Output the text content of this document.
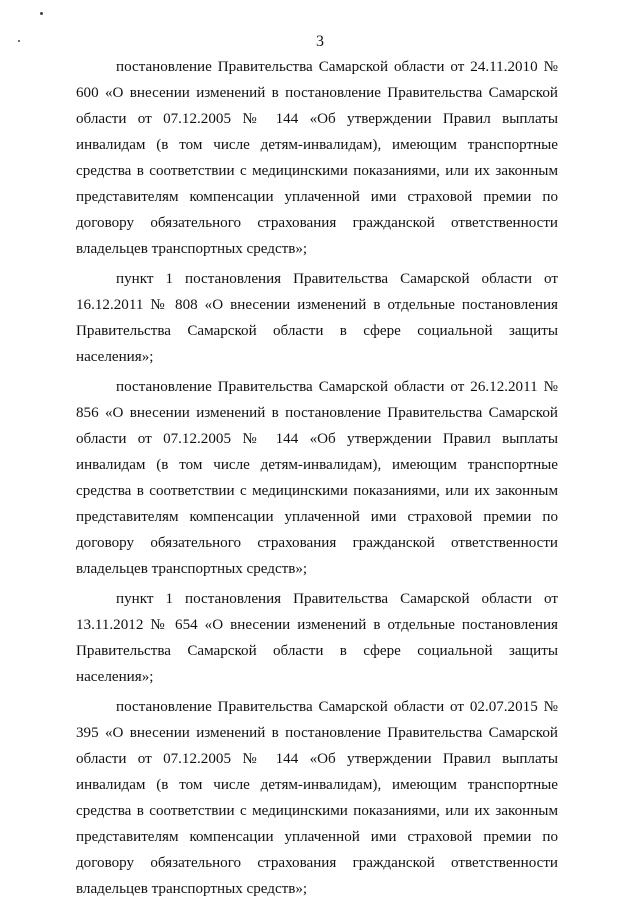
3

постановление Правительства Самарской области от 24.11.2010 № 600 «О внесении изменений в постановление Правительства Самарской области от 07.12.2005 № 144 «Об утверждении Правил выплаты инвалидам (в том числе детям-инвалидам), имеющим транспортные средства в соответствии с медицинскими показаниями, или их законным представителям компенсации уплаченной ими страховой премии по договору обязательного страхования гражданской ответственности владельцев транспортных средств»;

пункт 1 постановления Правительства Самарской области от 16.12.2011 № 808 «О внесении изменений в отдельные постановления Правительства Самарской области в сфере социальной защиты населения»;

постановление Правительства Самарской области от 26.12.2011 № 856 «О внесении изменений в постановление Правительства Самарской области от 07.12.2005 № 144 «Об утверждении Правил выплаты инвалидам (в том числе детям-инвалидам), имеющим транспортные средства в соответствии с медицинскими показаниями, или их законным представителям компенсации уплаченной ими страховой премии по договору обязательного страхования гражданской ответственности владельцев транспортных средств»;

пункт 1 постановления Правительства Самарской области от 13.11.2012 № 654 «О внесении изменений в отдельные постановления Правительства Самарской области в сфере социальной защиты населения»;

постановление Правительства Самарской области от 02.07.2015 № 395 «О внесении изменений в постановление Правительства Самарской области от 07.12.2005 № 144 «Об утверждении Правил выплаты инвалидам (в том числе детям-инвалидам), имеющим транспортные средства в соответствии с медицинскими показаниями, или их законным представителям компенсации уплаченной ими страховой премии по договору обязательного страхования гражданской ответственности владельцев транспортных средств»;
